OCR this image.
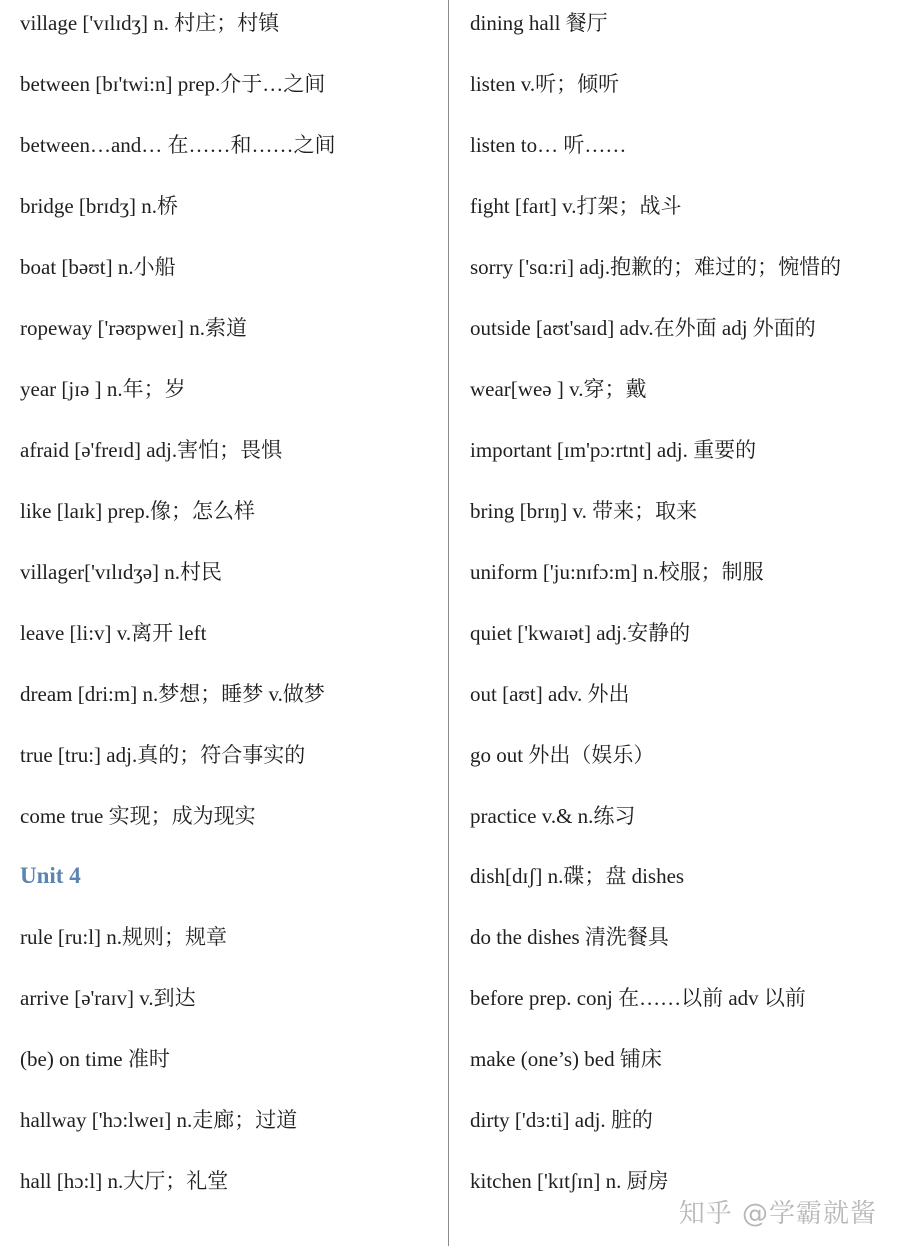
village ['vɪlɪdʒ] n. 村庄；村镇
between [bɪ'twi:n] prep.介于…之间
between…and… 在……和……之间
bridge [brɪdʒ] n.桥
boat [bəʊt] n.小船
ropeway ['rəʊpweɪ] n.索道
year [jɪə ] n.年；岁
afraid [ə'freɪd] adj.害怕；畏惧
like [laɪk] prep.像；怎么样
villager['vɪlɪdʒə] n.村民
leave [li:v] v.离开 left
dream [dri:m] n.梦想；睡梦 v.做梦
true [tru:] adj.真的；符合事实的
come true 实现；成为现实
Unit 4
rule [ru:l] n.规则；规章
arrive [ə'raɪv] v.到达
(be) on time 准时
hallway ['hɔ:lweɪ] n.走廊；过道
hall [hɔ:l] n.大厅；礼堂
dining hall 餐厅
listen v.听；倾听
listen to… 听……
fight [faɪt] v.打架；战斗
sorry ['sɑ:ri] adj.抱歉的；难过的；惋惜的
outside [aʊt'saɪd] adv.在外面 adj 外面的
wear[weə ] v.穿；戴
important [ɪm'pɔ:rtnt] adj. 重要的
bring [brɪŋ] v. 带来；取来
uniform ['ju:nɪfɔ:m] n.校服；制服
quiet ['kwaɪət] adj.安静的
out [aʊt] adv. 外出
go out 外出（娱乐）
practice v.& n.练习
dish[dɪʃ] n.碟；盘 dishes
do the dishes 清洗餐具
before prep. conj 在……以前 adv 以前
make (one’s) bed 铺床
dirty ['dɜ:ti] adj. 脏的
kitchen ['kɪtʃɪn] n. 厨房
知乎 @学霸就酱
